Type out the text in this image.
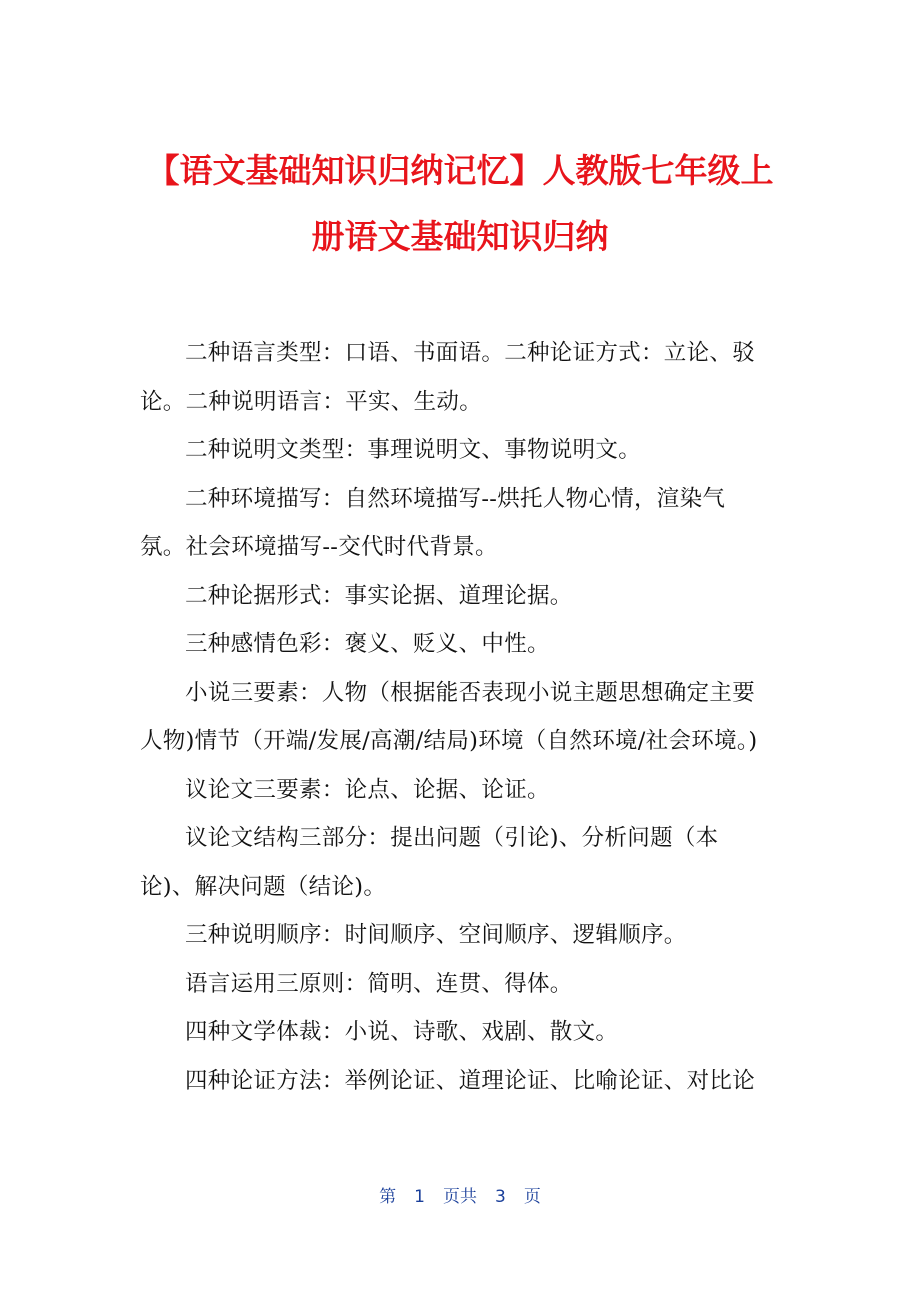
【语文基础知识归纳记忆】人教版七年级上
册语文基础知识归纳

二种语言类型：口语、书面语。二种论证方式：立论、驳论。二种说明语言：平实、生动。

二种说明文类型：事理说明文、事物说明文。

二种环境描写：自然环境描写--烘托人物心情，渲染气氛。社会环境描写--交代时代背景。

二种论据形式：事实论据、道理论据。

三种感情色彩：褒义、贬义、中性。

小说三要素：人物（根据能否表现小说主题思想确定主要人物)情节（开端/发展/高潮/结局)环境（自然环境/社会环境。)

议论文三要素：论点、论据、论证。

议论文结构三部分：提出问题（引论)、分析问题（本论)、解决问题（结论)。

三种说明顺序：时间顺序、空间顺序、逻辑顺序。

语言运用三原则：简明、连贯、得体。

四种文学体裁：小说、诗歌、戏剧、散文。

四种论证方法：举例论证、道理论证、比喻论证、对比论

第 1 页共 3 页
